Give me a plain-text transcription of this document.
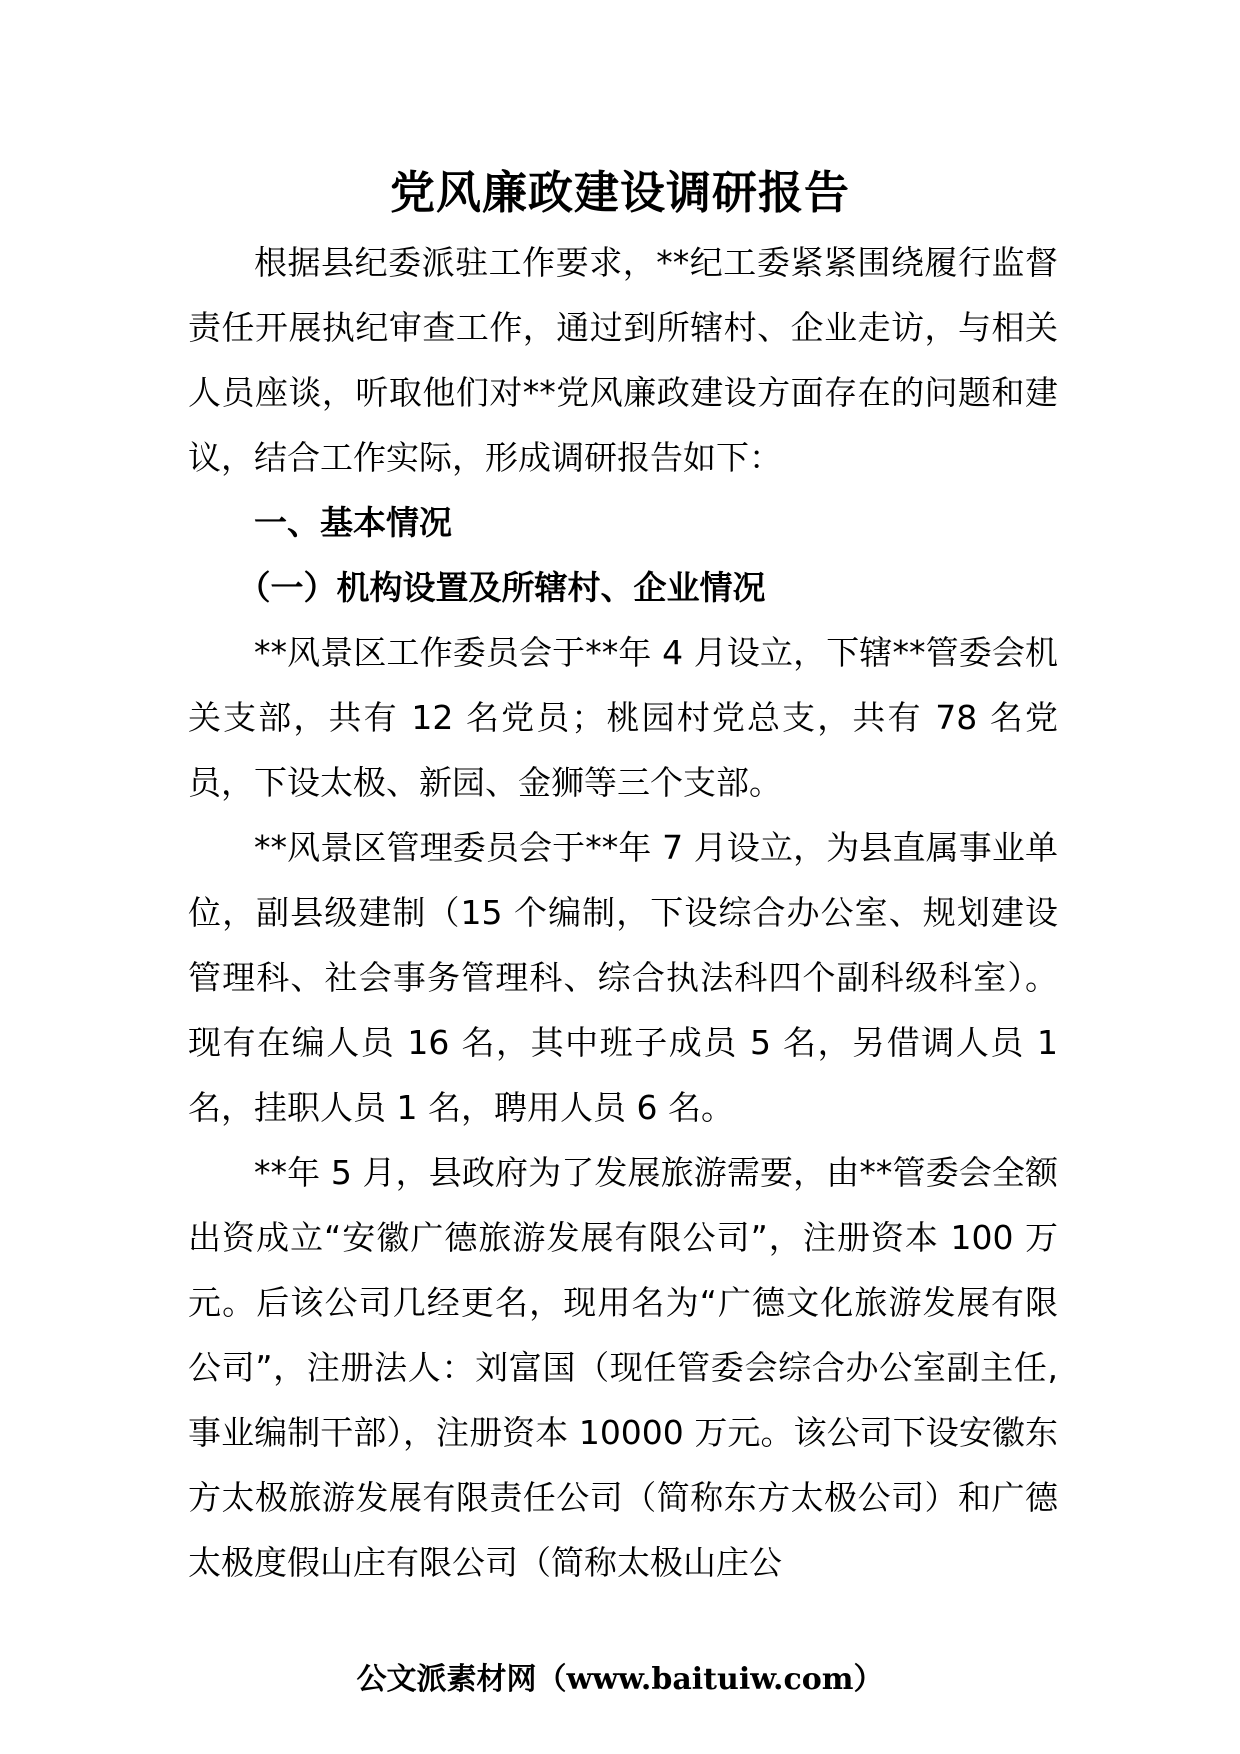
党风廉政建设调研报告

根据县纪委派驻工作要求，**纪工委紧紧围绕履行监督责任开展执纪审查工作，通过到所辖村、企业走访，与相关人员座谈，听取他们对**党风廉政建设方面存在的问题和建议，结合工作实际，形成调研报告如下：

一、基本情况

（一）机构设置及所辖村、企业情况

**风景区工作委员会于**年 4 月设立，下辖**管委会机关支部，共有 12 名党员；桃园村党总支，共有 78 名党员，下设太极、新园、金狮等三个支部。

**风景区管理委员会于**年 7 月设立，为县直属事业单位，副县级建制（15 个编制，下设综合办公室、规划建设管理科、社会事务管理科、综合执法科四个副科级科室）。现有在编人员 16 名，其中班子成员 5 名，另借调人员 1 名，挂职人员 1 名，聘用人员 6 名。

**年 5 月，县政府为了发展旅游需要，由**管委会全额出资成立“安徽广德旅游发展有限公司”，注册资本 100 万元。后该公司几经更名，现用名为“广德文化旅游发展有限公司”，注册法人：刘富国（现任管委会综合办公室副主任,事业编制干部），注册资本 10000 万元。该公司下设安徽东方太极旅游发展有限责任公司（简称东方太极公司）和广德太极度假山庄有限公司（简称太极山庄公

公文派素材网（www.baituiw.com）
